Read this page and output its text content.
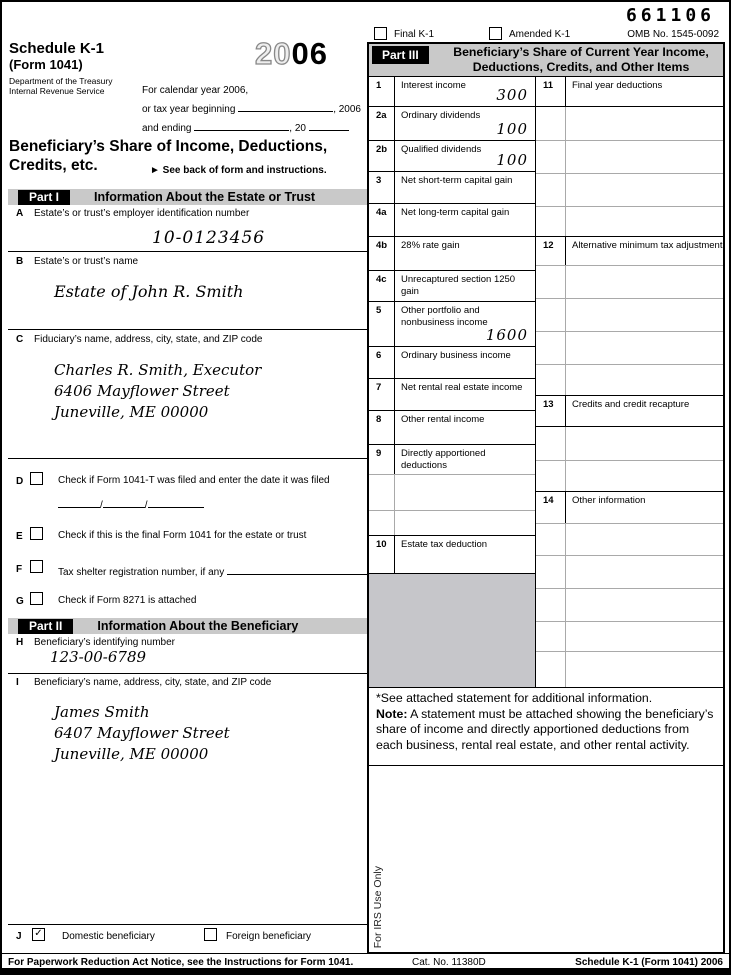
661106
Final K-1	Amended K-1	OMB No. 1545-0092
Schedule K-1
(Form 1041)
Department of the Treasury
Internal Revenue Service
2006
For calendar year 2006,
or tax year beginning	, 2006
and ending	, 20
Beneficiary’s Share of Income, Deductions,
Credits, etc.	► See back of form and instructions.
Part I	Information About the Estate or Trust
A Estate’s or trust’s employer identification number
10-0123456
B Estate’s or trust’s name
Estate of John R. Smith
C Fiduciary’s name, address, city, state, and ZIP code
Charles R. Smith, Executor
6406 Mayflower Street
Juneville, ME 00000
D	Check if Form 1041-T was filed and enter the date it was filed
/	/
E	Check if this is the final Form 1041 for the estate or trust
F	Tax shelter registration number, if any
G	Check if Form 8271 is attached
Part II	Information About the Beneficiary
H Beneficiary’s identifying number
123-00-6789
I Beneficiary’s name, address, city, state, and ZIP code
James Smith
6407 Mayflower Street
Juneville, ME 00000
J ✓ Domestic beneficiary	Foreign beneficiary
Part III	Beneficiary’s Share of Current Year Income,
Deductions, Credits, and Other Items
1	Interest income
300
2a	Ordinary dividends
100
2b	Qualified dividends
100
3	Net short-term capital gain
4a	Net long-term capital gain
4b	28% rate gain
4c	Unrecaptured section 1250 gain
5	Other portfolio and nonbusiness income
1600
6	Ordinary business income
7	Net rental real estate income
8	Other rental income
9	Directly apportioned deductions
10	Estate tax deduction
11	Final year deductions
12	Alternative minimum tax adjustment
13	Credits and credit recapture
14	Other information
*See attached statement for additional information.
Note: A statement must be attached showing the beneficiary’s share of income and directly apportioned deductions from each business, rental real estate, and other rental activity.
For IRS Use Only
For Paperwork Reduction Act Notice, see the Instructions for Form 1041.	Cat. No. 11380D	Schedule K-1 (Form 1041) 2006
